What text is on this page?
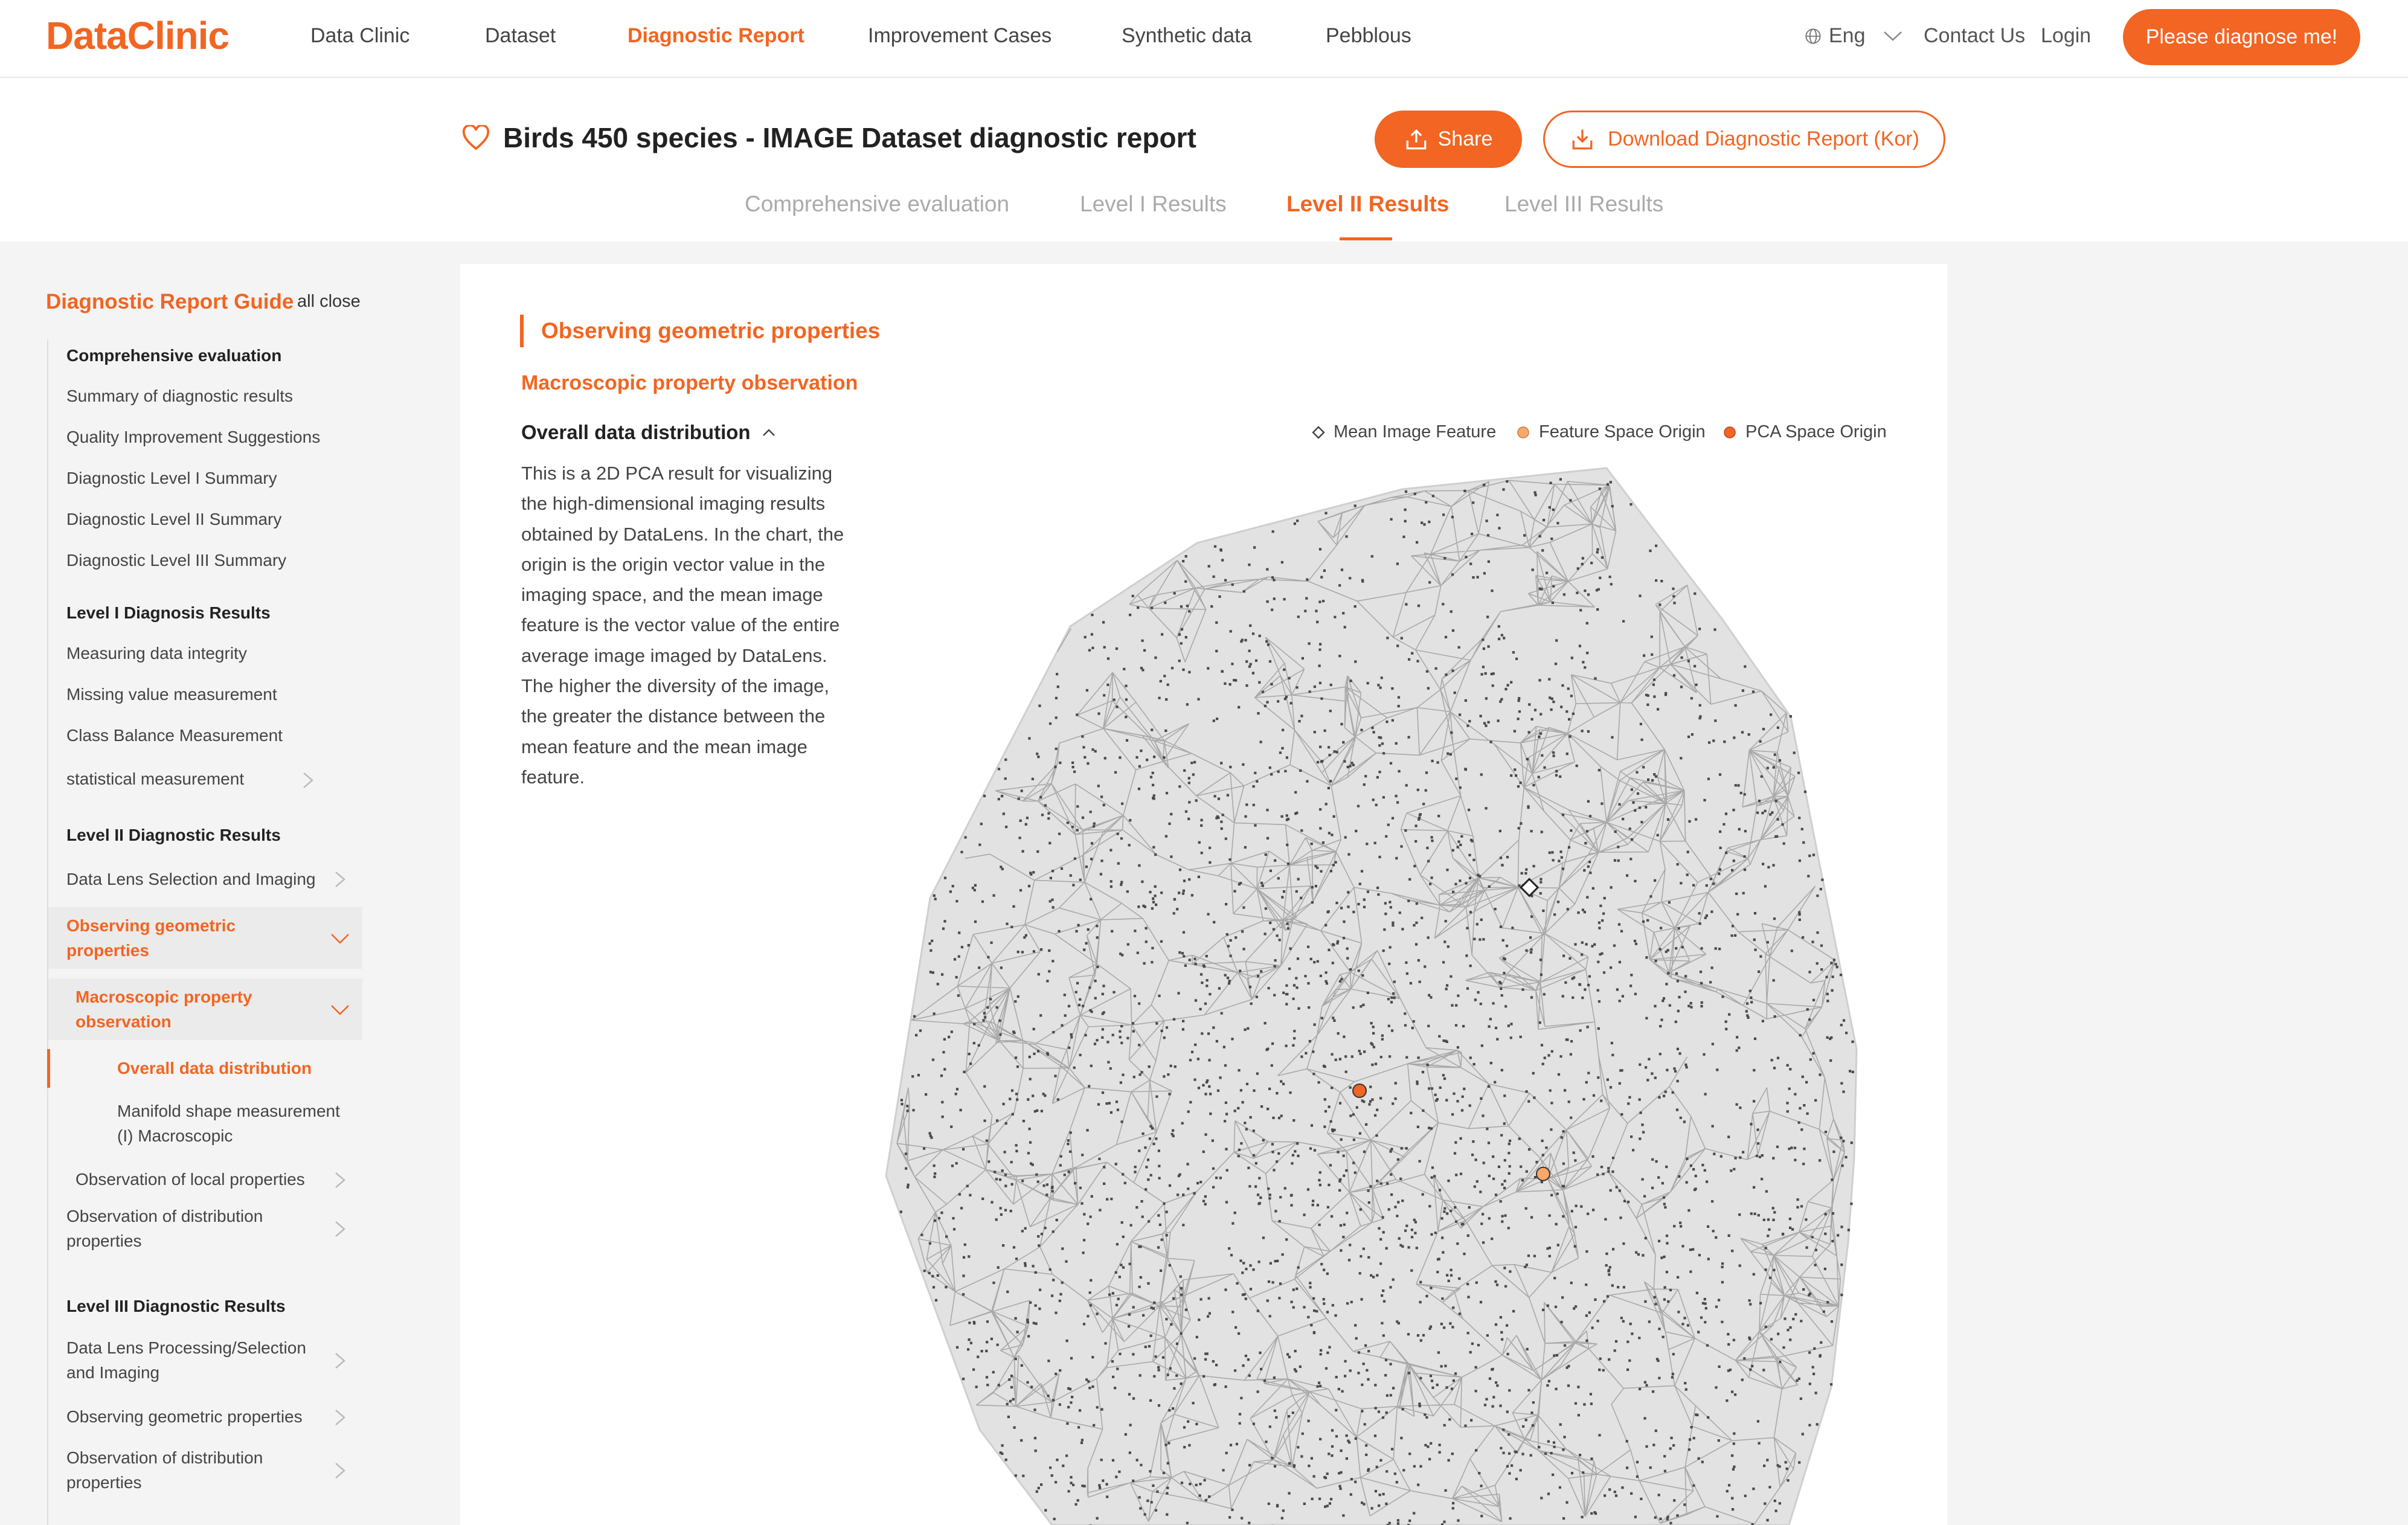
DataClinic	Data Clinic	Dataset	Diagnostic Report	Improvement Cases	Synthetic data	Pebblous	Eng	Contact Us Login	Please diagnose me!
Birds 450 species - IMAGE Dataset diagnostic report	Share	Download Diagnostic Report (Kor)
Comprehensive evaluation	Level I Results	Level II Results Level III Results
Diagnostic Report Guide all close
Comprehensive evaluation
Summary of diagnostic results
Quality Improvement Suggestions
Diagnostic Level I Summary
Diagnostic Level II Summary
Diagnostic Level III Summary
Level I Diagnosis Results
Measuring data integrity
Missing value measurement
Class Balance Measurement
statistical measurement
Level II Diagnostic Results
Data Lens Selection and Imaging
Observing geometric properties
Macroscopic property observation
Overall data distribution
Manifold shape measurement (I) Macroscopic
Observation of local properties
Observation of distribution properties
Level III Diagnostic Results
Data Lens Processing/Selection and Imaging
Observing geometric properties
Observation of distribution properties
Observing geometric properties
Macroscopic property observation
Overall data distribution
This is a 2D PCA result for visualizing the high-dimensional imaging results obtained by DataLens. In the chart, the origin is the origin vector value in the imaging space, and the mean image feature is the vector value of the entire average image imaged by DataLens. The higher the diversity of the image, the greater the distance between the mean feature and the mean image feature.
Mean Image Feature Feature Space Origin PCA Space Origin
